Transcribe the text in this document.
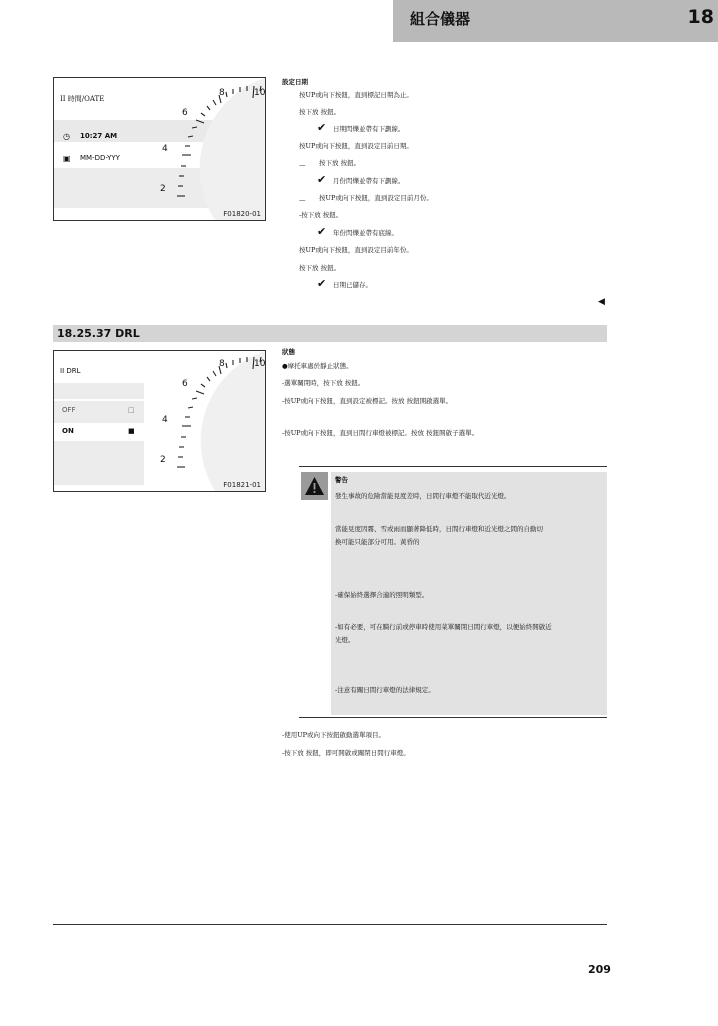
組合儀器	18
II 時間/OATE
◷ 10:27 AM
▣ MM-DD-YYY
2
4
6
8	10
F01820-01
設定日期
按UP或向下按鈕，直到標記日期為止。
按下放 按鈕。
✔ 日期閃爍並帶有下劃線。
按UP或向下按鈕，直到設定目前日期。
— 按下放 按鈕。
✔ 月份閃爍並帶有下劃線。
— 按UP或向下按鈕，直到設定目前月份。
-按下放 按鈕。
✔ 年份閃爍並帶有底線。
按UP或向下按鈕，直到設定目前年份。
按下放 按鈕。
✔ 日期已儲存。
◀
18.25.37 DRL
II DRL
OFF	□
ON	■
2
4
6
8	10
F01821-01
狀態
●摩托車處於靜止狀態。
-選單關閉時，按下放 按鈕。
-按UP或向下按鈕，直到設定被標記。按放 按鈕開啟選單。
-按UP或向下按鈕，直到日間行車燈被標記。按放 按鈕開啟子選單。
警告
發生事故的危險當能見度差時，日間行車燈不能取代近光燈。
當能見度因霧、雪或雨而顯著降低時，日間行車燈和近光燈之間的自動切
換可能只能部分可用。黃昏的
-確保始終選擇合適的照明類型。
-如有必要，可在騎行前或停車時使用菜單關閉日間行車燈，以便始終開啟近
光燈。
-注意有關日間行車燈的法律規定。
-使用UP或向下按鈕啟動選單項目。
-按下放 按鈕，即可開啟或關閉日間行車燈。
209
